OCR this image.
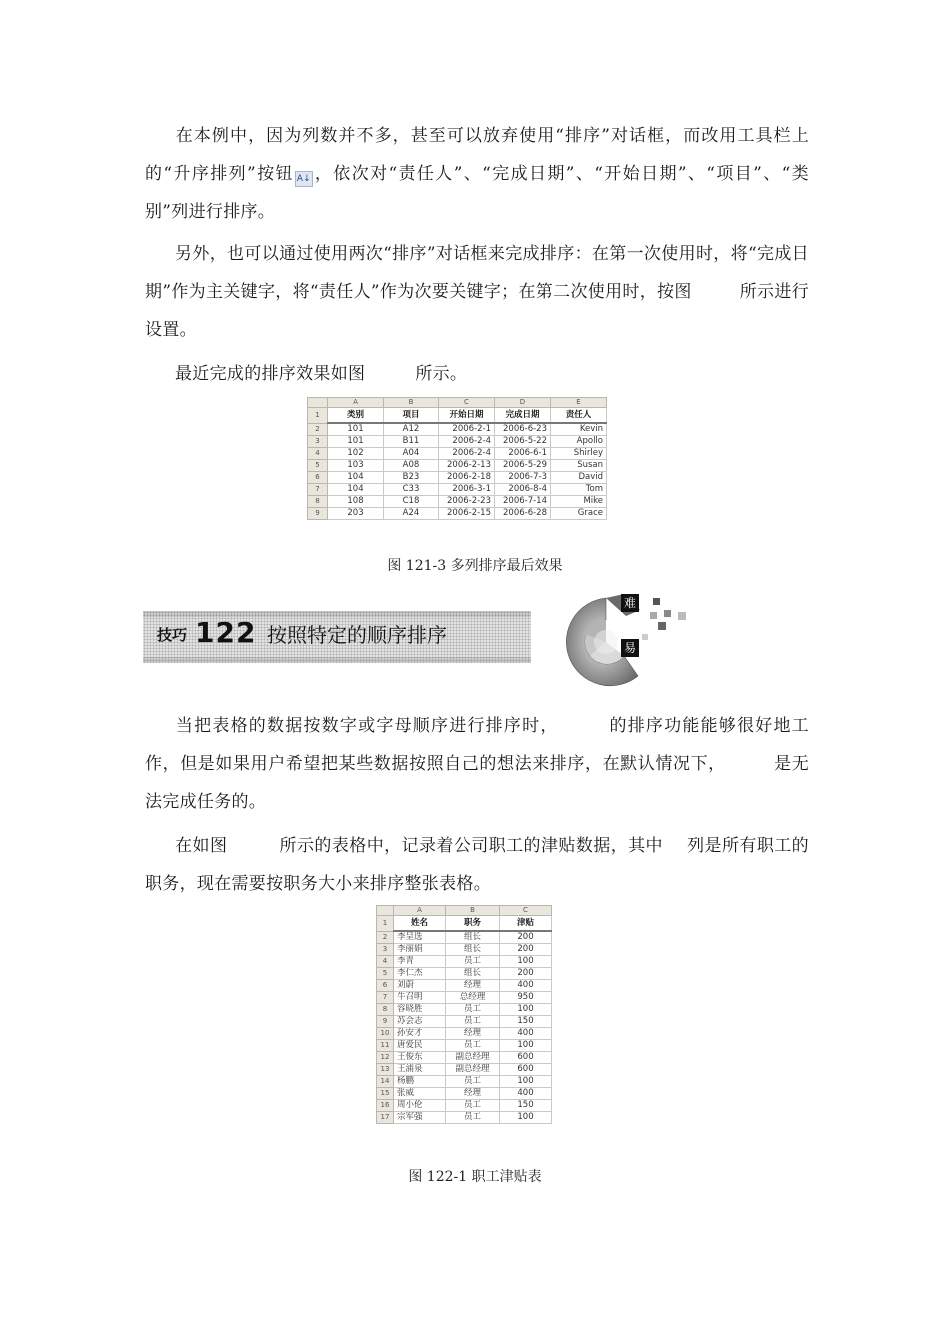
在本例中，因为列数并不多，甚至可以放弃使用“排序”对话框，而改用工具栏上的“升序排列”按钮 A↓ ，依次对“责任人”、“完成日期”、“开始日期”、“项目”、“类别”列进行排序。

另外，也可以通过使用两次“排序”对话框来完成排序：在第一次使用时，将“完成日期”作为主关键字，将“责任人”作为次要关键字；在第二次使用时，按图	所示进行设置。

最近完成的排序效果如图	所示。

	A	B	C	D	E
1	类别	项目	开始日期	完成日期	责任人
2	101	A12	2006-2-1	2006-6-23	Kevin
3	101	B11	2006-2-4	2006-5-22	Apollo
4	102	A04	2006-2-4	2006-6-1	Shirley
5	103	A08	2006-2-13	2006-5-29	Susan
6	104	B23	2006-2-18	2006-7-3	David
7	104	C33	2006-3-1	2006-8-4	Tom
8	108	C18	2006-2-23	2006-7-14	Mike
9	203	A24	2006-2-15	2006-6-28	Grace
图 121-3 多列排序最后效果
技巧 122 按照特定的顺序排序
难
易

当把表格的数据按数字或字母顺序进行排序时，	的排序功能能够很好地工作，但是如果用户希望把某些数据按照自己的想法来排序，在默认情况下，	是无法完成任务的。

在如图	所示的表格中，记录着公司职工的津贴数据，其中 列是所有职工的职务，现在需要按职务大小来排序整张表格。

	A	B	C
1	姓名	职务	津贴
2	李呈选	组长	200
3	李丽娟	组长	200
4	李青	员工	100
5	李仁杰	组长	200
6	刘蔚	经理	400
7	牛召明	总经理	950
8	容晓胜	员工	100
9	苏会志	员工	150
10	孙安才	经理	400
11	唐爱民	员工	100
12	王俊东	副总经理	600
13	王浦泉	副总经理	600
14	杨鹏	员工	100
15	张威	经理	400
16	周小伦	员工	150
17	宗军强	员工	100
图 122-1 职工津贴表
